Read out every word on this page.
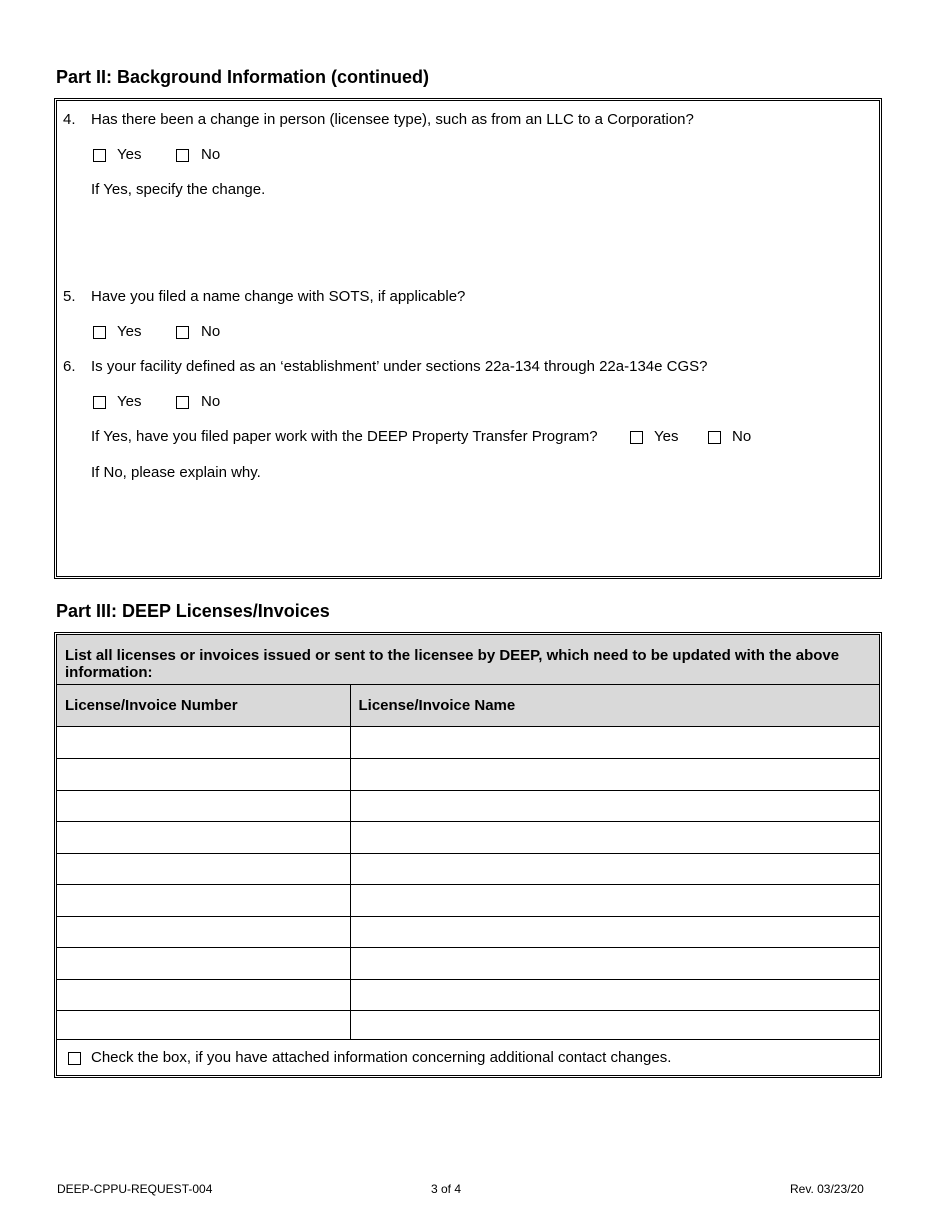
Part II: Background Information (continued)
4. Has there been a change in person (licensee type), such as from an LLC to a Corporation?
Yes	No
If Yes, specify the change.
5. Have you filed a name change with SOTS, if applicable?
Yes	No
6. Is your facility defined as an ‘establishment’ under sections 22a-134 through 22a-134e CGS?
Yes	No
If Yes, have you filed paper work with the DEEP Property Transfer Program?	Yes	No
If No, please explain why.
Part III: DEEP Licenses/Invoices
List all licenses or invoices issued or sent to the licensee by DEEP, which need to be updated with the above information:
License/Invoice Number	License/Invoice Name

Check the box, if you have attached information concerning additional contact changes.
DEEP-CPPU-REQUEST-004	3 of 4	Rev. 03/23/20
